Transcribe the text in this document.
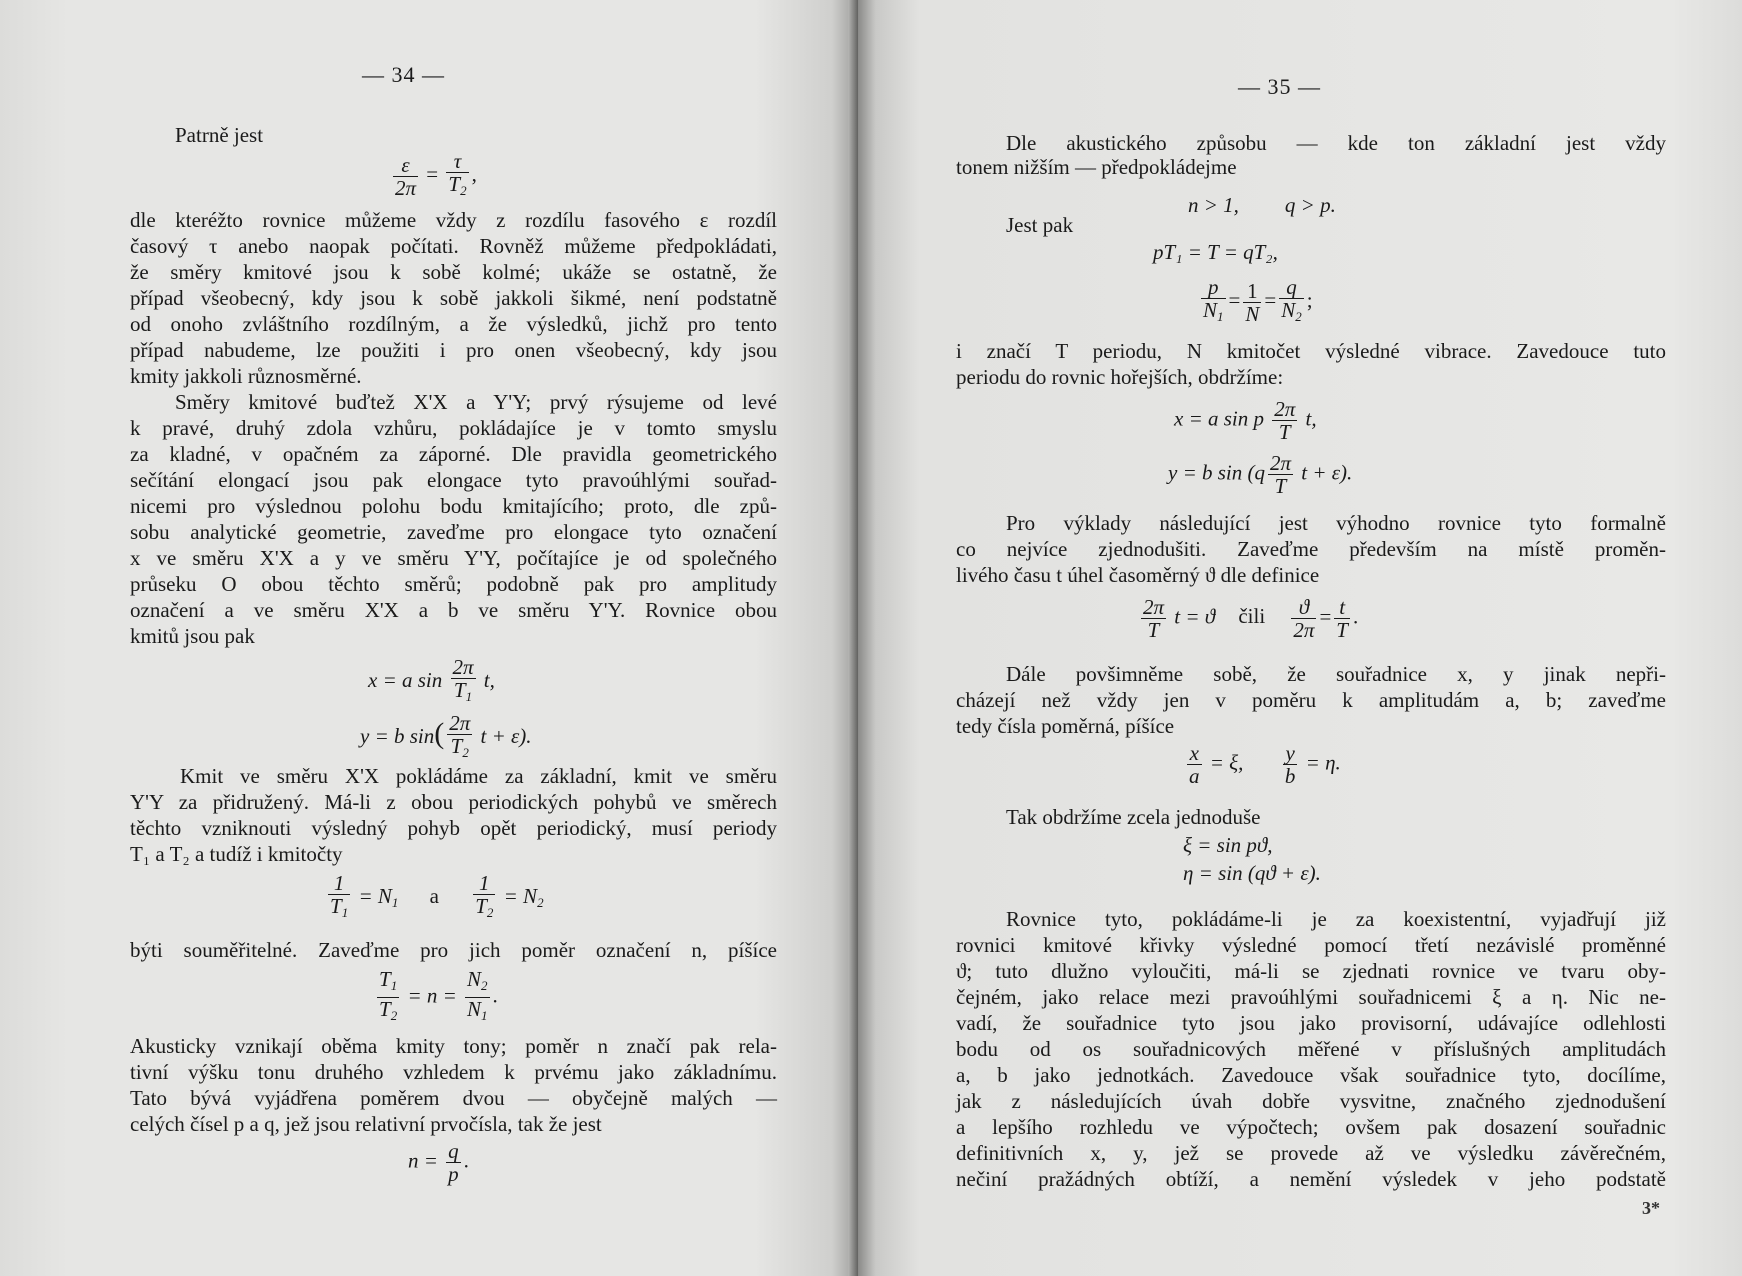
— 34 —
Patrně jest
$\frac{\varepsilon}{2\pi} = \frac{\tau}{T_2}$ ,
dle kteréžto rovnice můžeme vždy z rozdílu fasového ε rozdíl
časový τ anebo naopak počítati. Rovněž můžeme předpokládati,
že směry kmitové jsou k sobě kolmé; ukáže se ostatně, že
případ všeobecný, kdy jsou k sobě jakkoli šikmé, není podstatně
od onoho zvláštního rozdílným, a že výsledků, jichž pro tento
případ nabudeme, lze použiti i pro onen všeobecný, kdy jsou
kmity jakkoli různosměrné.
Směry kmitové buďtež X'X a Y'Y; prvý rýsujeme od levé
k pravé, druhý zdola vzhůru, pokládajíce je v tomto smyslu
za kladné, v opačném za záporné. Dle pravidla geometrického
sečítání elongací jsou pak elongace tyto pravoúhlými souřad-
nicemi pro výslednou polohu bodu kmitajícího; proto, dle způ-
sobu analytické geometrie, zaveďme pro elongace tyto označení
x ve směru X'X a y ve směru Y'Y, počítajíce je od společného
průseku O obou těchto směrů; podobně pak pro amplitudy
označení a ve směru X'X a b ve směru Y'Y. Rovnice obou
kmitů jsou pak
x = a $\sin \frac{2\pi}{T_1} t$,
y = b $\sin( \frac{2\pi}{T_2}$ t + ε).
Kmit ve směru X'X pokládáme za základní, kmit ve směru
Y'Y za přidružený. Má-li z obou periodických pohybů ve směrech
těchto vzniknouti výsledný pohyb opět periodický, musí periody
T₁ a T₂ a tudíž i kmitočty
$\frac{1}{T_1} = N_1$ a $\frac{1}{T_2} = N_2$
býti souměřitelné. Zaveďme pro jich poměr označení n, píšíce
$\frac{T_1}{T_2} = n = \frac{N_2}{N_1}$ .
Akusticky vznikají oběma kmity tony; poměr n značí pak rela-
tivní výšku tonu druhého vzhledem k prvému jako základnímu.
Tato bývá vyjádřena poměrem dvou — obyčejně malých —
celých čísel p a q, jež jsou relativní prvočísla, tak že jest
$n = \frac{q}{p}$ .
— 35 —
Dle akustického způsobu — kde ton základní jest vždy
tonem nižším — předpokládejme
n > 1, q > p.
Jest pak
pT₁ = T = qT₂,
$\frac{p}{N_1} = \frac{1}{N} = \frac{q}{N_2}$ ;
i značí T periodu, N kmitočet výsledné vibrace. Zavedouce tuto
periodu do rovnic hořejších, obdržíme:
x = a sin p $\frac{2\pi}{T} t$,
y = b $\sin (q \frac{2\pi}{T}$ t + ε).
Pro výklady následující jest výhodno rovnice tyto formalně
co nejvíce zjednodušiti. Zaveďme především na místě proměn-
livého času t úhel časoměrný ϑ dle definice
$\frac{2\pi}{T}$ t = ϑ čili $\frac{ϑ}{2\pi} = \frac{t}{T}$ .
Dále povšimněme sobě, že souřadnice x, y jinak nepři-
cházejí než vždy jen v poměru k amplitudám a, b; zaveďme
tedy čísla poměrná, píšíce
$\frac{x}{a} = \xi$, $\frac{y}{b} = \eta$.
Tak obdržíme zcela jednoduše
ξ = sin pϑ,
η = sin (qϑ + ε).
Rovnice tyto, pokládáme-li je za koexistentní, vyjadřují již
rovnici kmitové křivky výsledné pomocí třetí nezávislé proměnné
ϑ; tuto dlužno vyloučiti, má-li se zjednati rovnice ve tvaru oby-
čejném, jako relace mezi pravoúhlými souřadnicemi ξ a η. Nic ne-
vadí, že souřadnice tyto jsou jako provisorní, udávajíce odlehlosti
bodu od os souřadnicových měřené v příslušných amplitudách
a, b jako jednotkách. Zavedouce však souřadnice tyto, docílíme,
jak z následujících úvah dobře vysvitne, značného zjednodušení
a lepšího rozhledu ve výpočtech; ovšem pak dosazení souřadnic
definitivních x, y, jež se provede až ve výsledku závěrečném,
nečiní pražádných obtíží, a nemění výsledek v jeho podstatě
3*
